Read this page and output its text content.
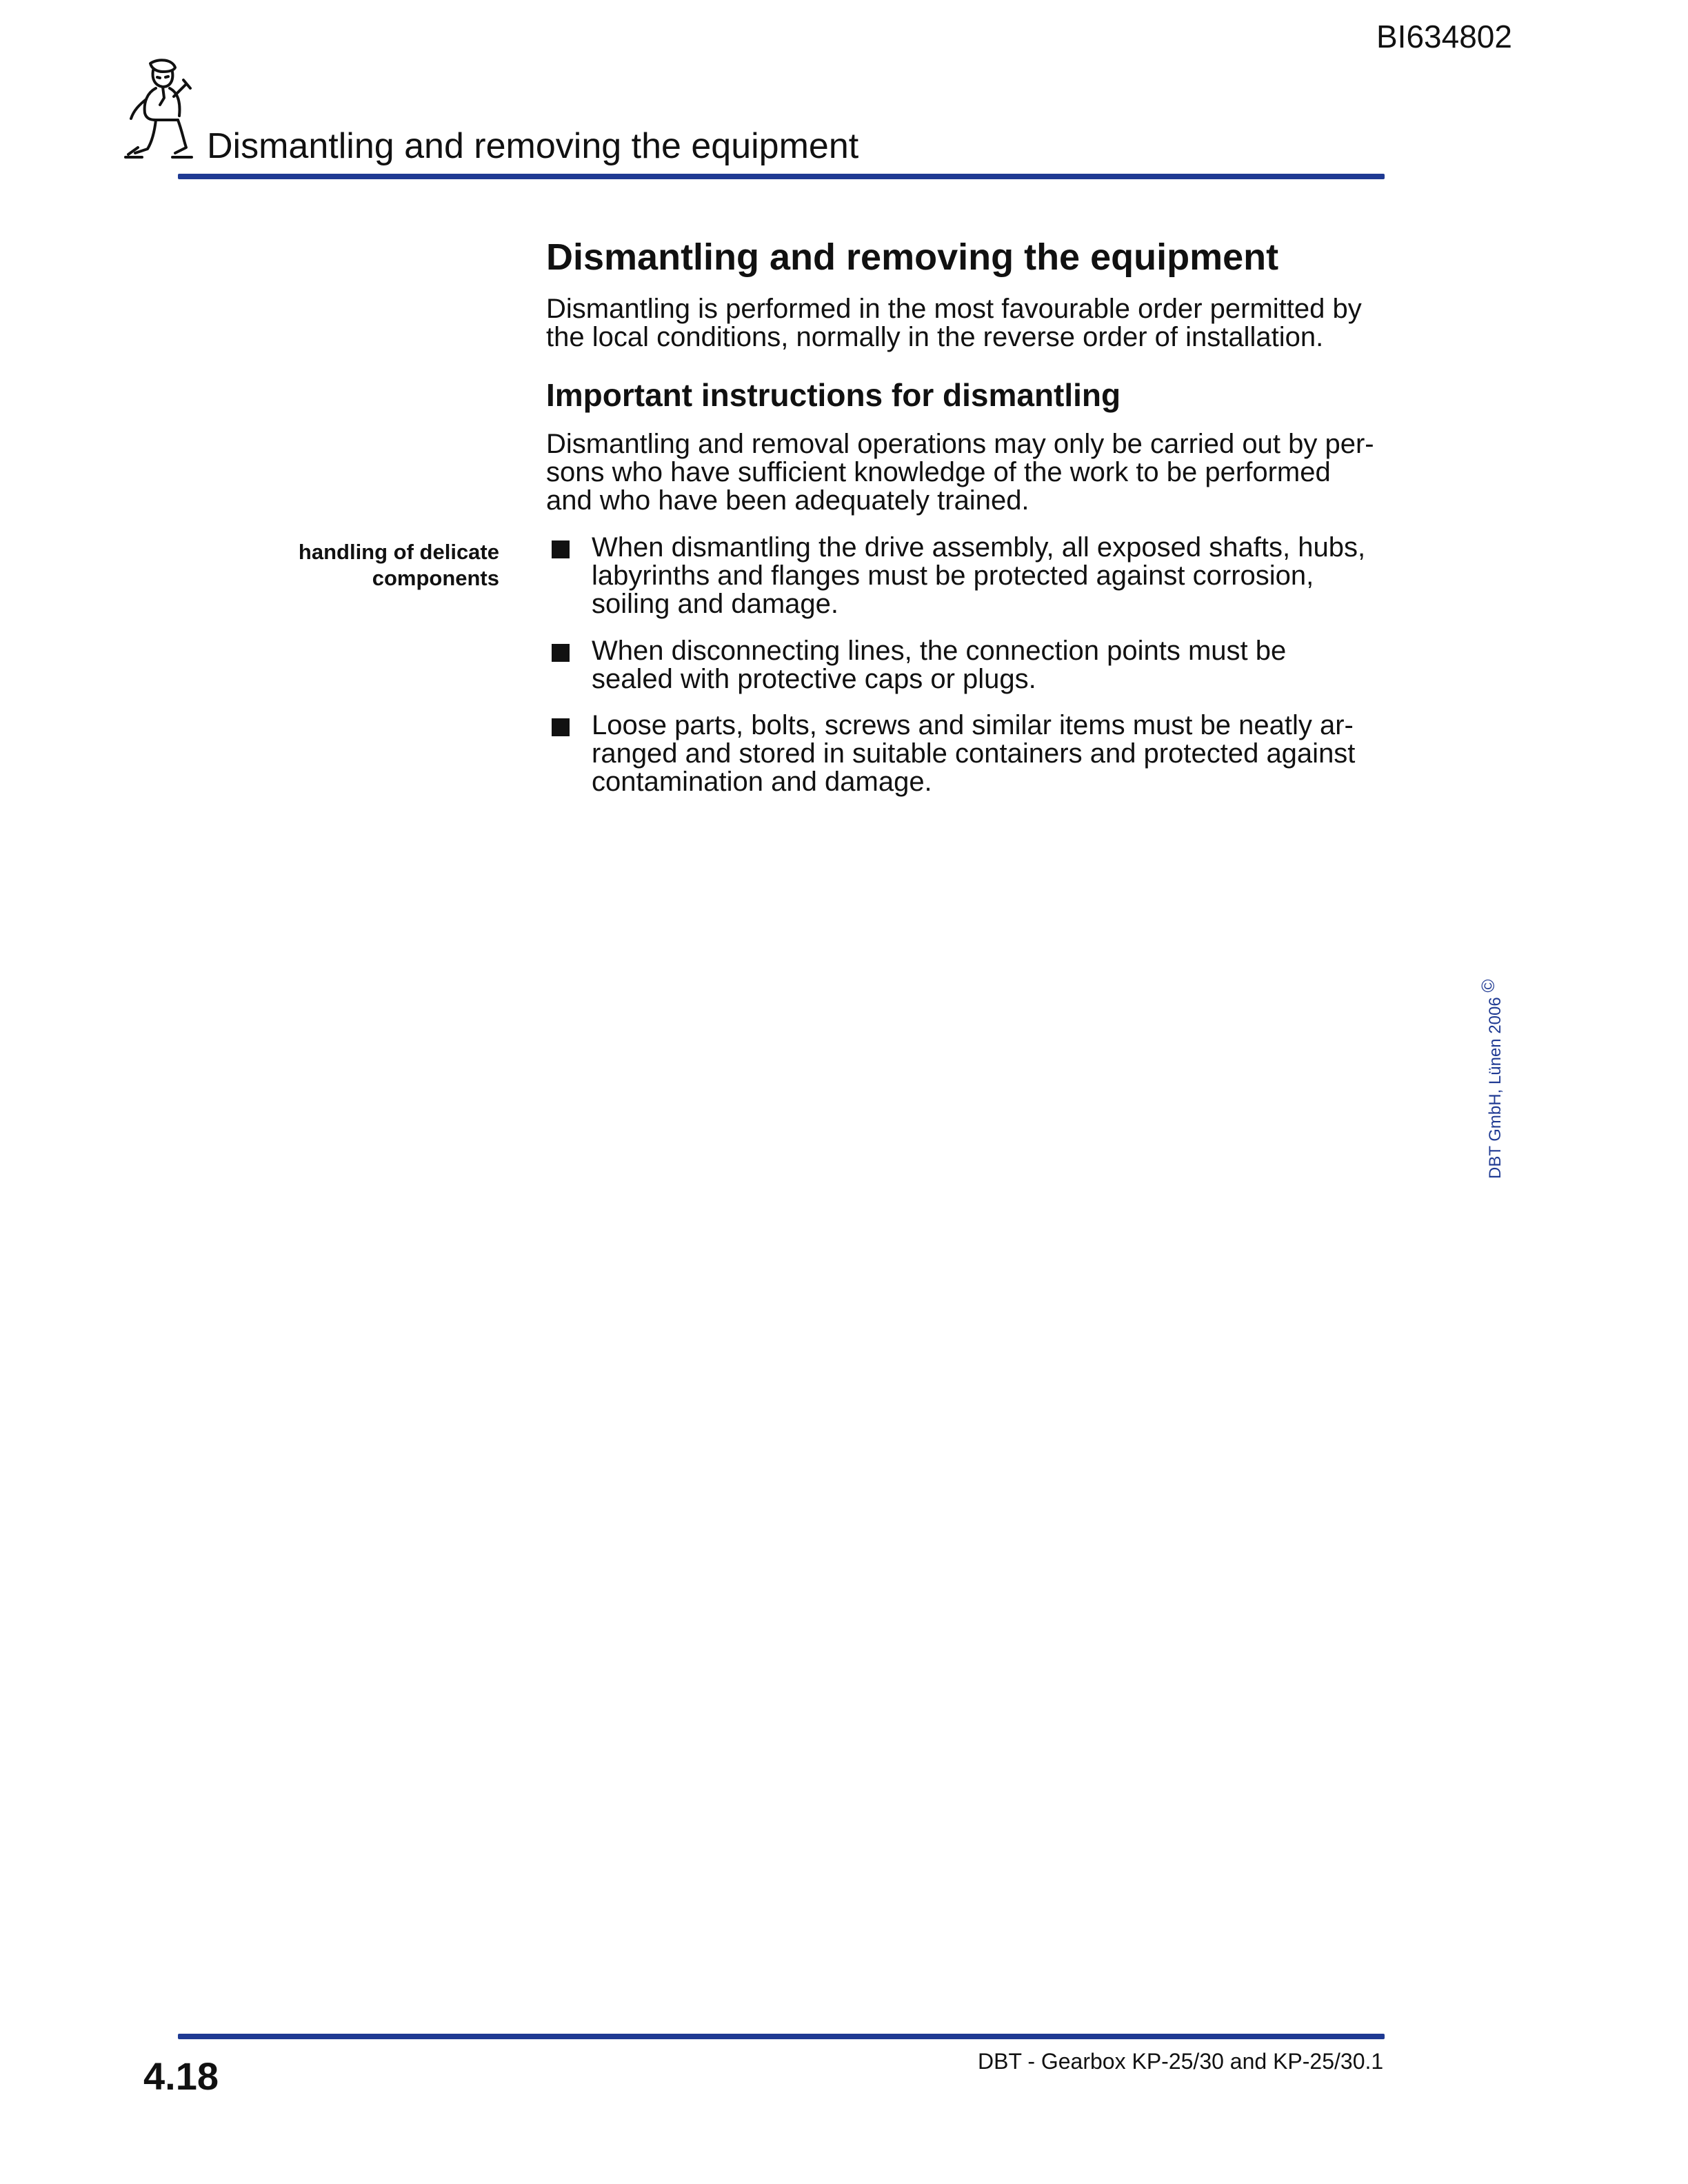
BI634802
Dismantling and removing the equipment
Dismantling and removing the equipment
Dismantling is performed in the most favourable order permitted by
the local conditions, normally in the reverse order of installation.
Important instructions for dismantling
Dismantling and removal operations may only be carried out by per-
sons who have sufficient knowledge of the work to be performed
and who have been adequately trained.
handling of delicate
components
When dismantling the drive assembly, all exposed shafts, hubs,
labyrinths and flanges must be protected against corrosion,
soiling and damage.
When disconnecting lines, the connection points must be
sealed with protective caps or plugs.
Loose parts, bolts, screws and similar items must be neatly ar-
ranged and stored in suitable containers and protected against
contamination and damage.
DBT GmbH, Lünen 2006 ©
4.18	DBT - Gearbox KP-25/30 and KP-25/30.1
